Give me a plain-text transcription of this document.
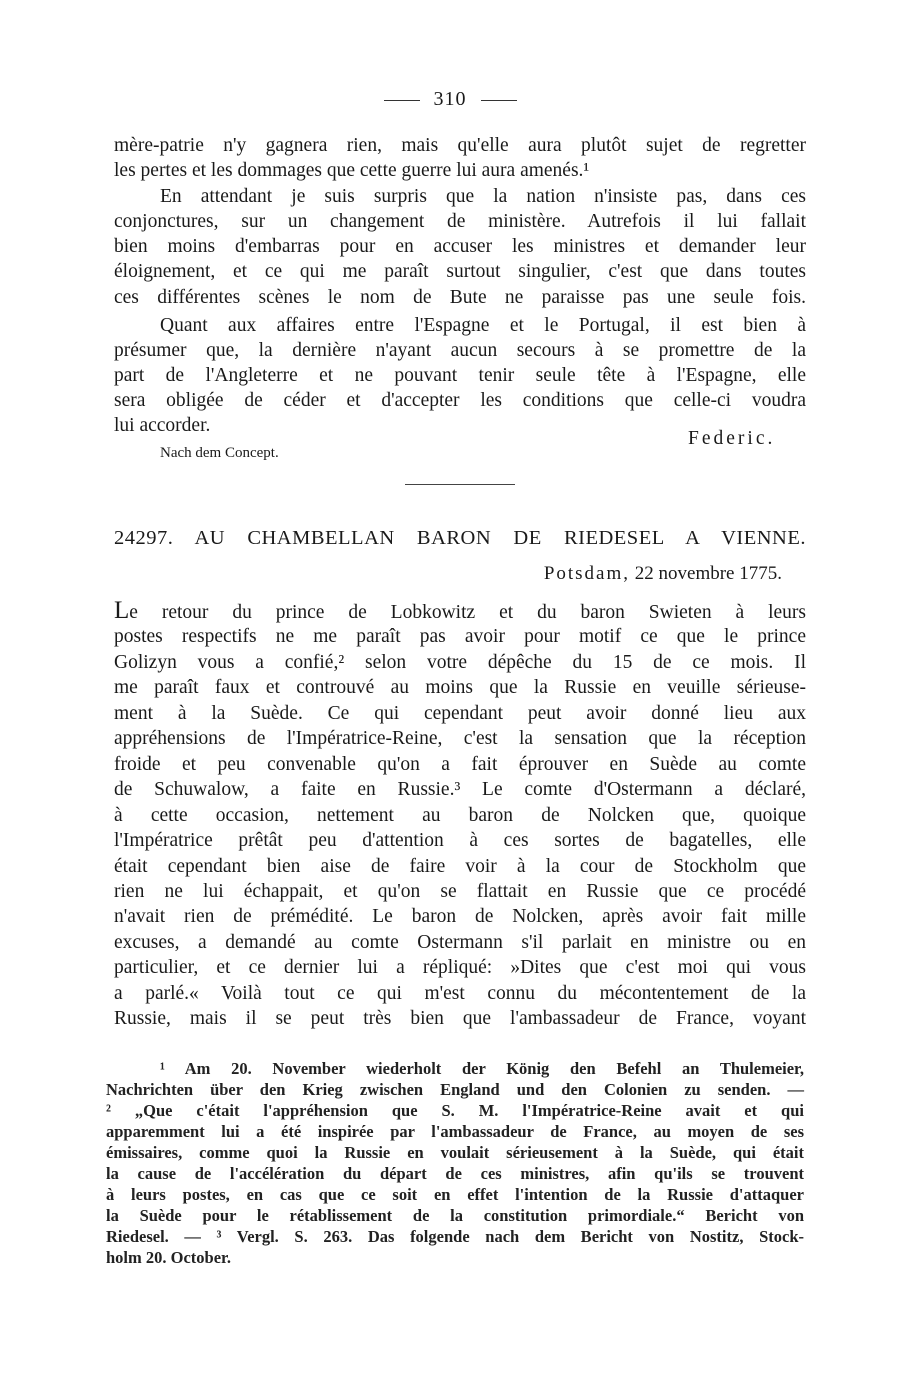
310
mère-patrie n'y gagnera rien, mais qu'elle aura plutôt sujet de regretter
les pertes et les dommages que cette guerre lui aura amenés.¹
En attendant je suis surpris que la nation n'insiste pas, dans ces
conjonctures, sur un changement de ministère. Autrefois il lui fallait
bien moins d'embarras pour en accuser les ministres et demander leur
éloignement, et ce qui me paraît surtout singulier, c'est que dans toutes
ces différentes scènes le nom de Bute ne paraisse pas une seule fois.
Quant aux affaires entre l'Espagne et le Portugal, il est bien à
présumer que, la dernière n'ayant aucun secours à se promettre de la
part de l'Angleterre et ne pouvant tenir seule tête à l'Espagne, elle
sera obligée de céder et d'accepter les conditions que celle-ci voudra
lui accorder.
Federic.
Nach dem Concept.
24297. AU CHAMBELLAN BARON DE RIEDESEL A VIENNE.
Potsdam, 22 novembre 1775.
Le retour du prince de Lobkowitz et du baron Swieten à leurs
postes respectifs ne me paraît pas avoir pour motif ce que le prince
Golizyn vous a confié,² selon votre dépêche du 15 de ce mois. Il
me paraît faux et controuvé au moins que la Russie en veuille sérieuse-
ment à la Suède. Ce qui cependant peut avoir donné lieu aux
appréhensions de l'Impératrice-Reine, c'est la sensation que la réception
froide et peu convenable qu'on a fait éprouver en Suède au comte
de Schuwalow, a faite en Russie.³ Le comte d'Ostermann a déclaré,
à cette occasion, nettement au baron de Nolcken que, quoique
l'Impératrice prêtât peu d'attention à ces sortes de bagatelles, elle
était cependant bien aise de faire voir à la cour de Stockholm que
rien ne lui échappait, et qu'on se flattait en Russie que ce procédé
n'avait rien de prémédité. Le baron de Nolcken, après avoir fait mille
excuses, a demandé au comte Ostermann s'il parlait en ministre ou en
particulier, et ce dernier lui a répliqué: »Dites que c'est moi qui vous
a parlé.« Voilà tout ce qui m'est connu du mécontentement de la
Russie, mais il se peut très bien que l'ambassadeur de France, voyant
¹ Am 20. November wiederholt der König den Befehl an Thulemeier,
Nachrichten über den Krieg zwischen England und den Colonien zu senden. —
² „Que c'était l'appréhension que S. M. l'Impératrice-Reine avait et qui
apparemment lui a été inspirée par l'ambassadeur de France, au moyen de ses
émissaires, comme quoi la Russie en voulait sérieusement à la Suède, qui était
la cause de l'accélération du départ de ces ministres, afin qu'ils se trouvent
à leurs postes, en cas que ce soit en effet l'intention de la Russie d'attaquer
la Suède pour le rétablissement de la constitution primordiale.“ Bericht von
Riedesel. — ³ Vergl. S. 263. Das folgende nach dem Bericht von Nostitz, Stock-
holm 20. October.
